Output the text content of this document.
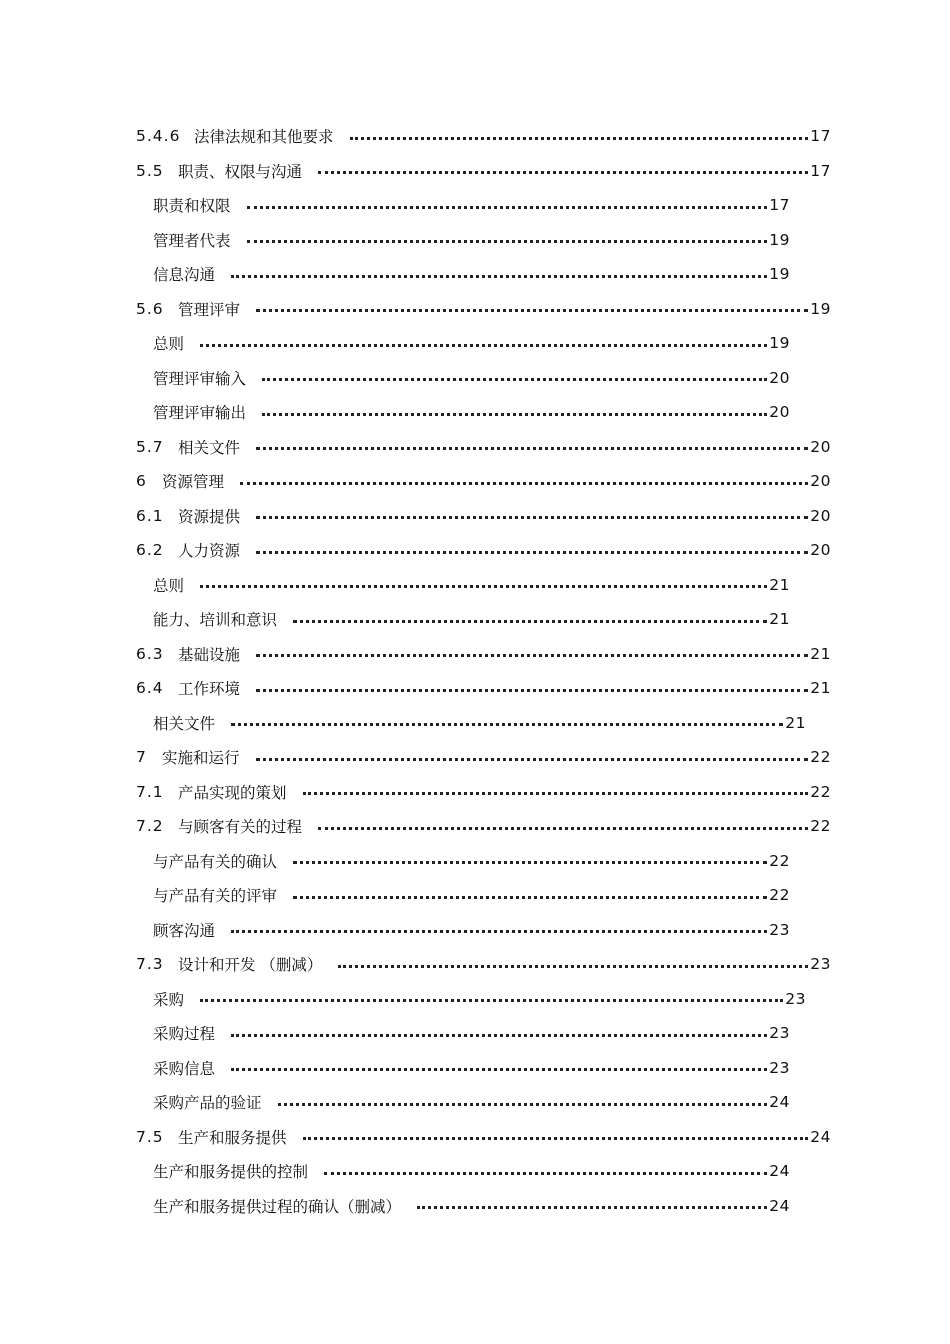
5.4.6 法律法规和其他要求	17
5.5 职责、权限与沟通	17
职责和权限	17
管理者代表	19
信息沟通	19
5.6 管理评审	19
总则	19
管理评审输入	20
管理评审输出	20
5.7 相关文件	20
6 资源管理	20
6.1 资源提供	20
6.2 人力资源	20
总则	21
能力、培训和意识	21
6.3 基础设施	21
6.4 工作环境	21
相关文件	21
7 实施和运行	22
7.1 产品实现的策划	22
7.2 与顾客有关的过程	22
与产品有关的确认	22
与产品有关的评审	22
顾客沟通	23
7.3 设计和开发 （删减）	23
采购	23
采购过程	23
采购信息	23
采购产品的验证	24
7.5 生产和服务提供	24
生产和服务提供的控制	24
生产和服务提供过程的确认（删减）	24
